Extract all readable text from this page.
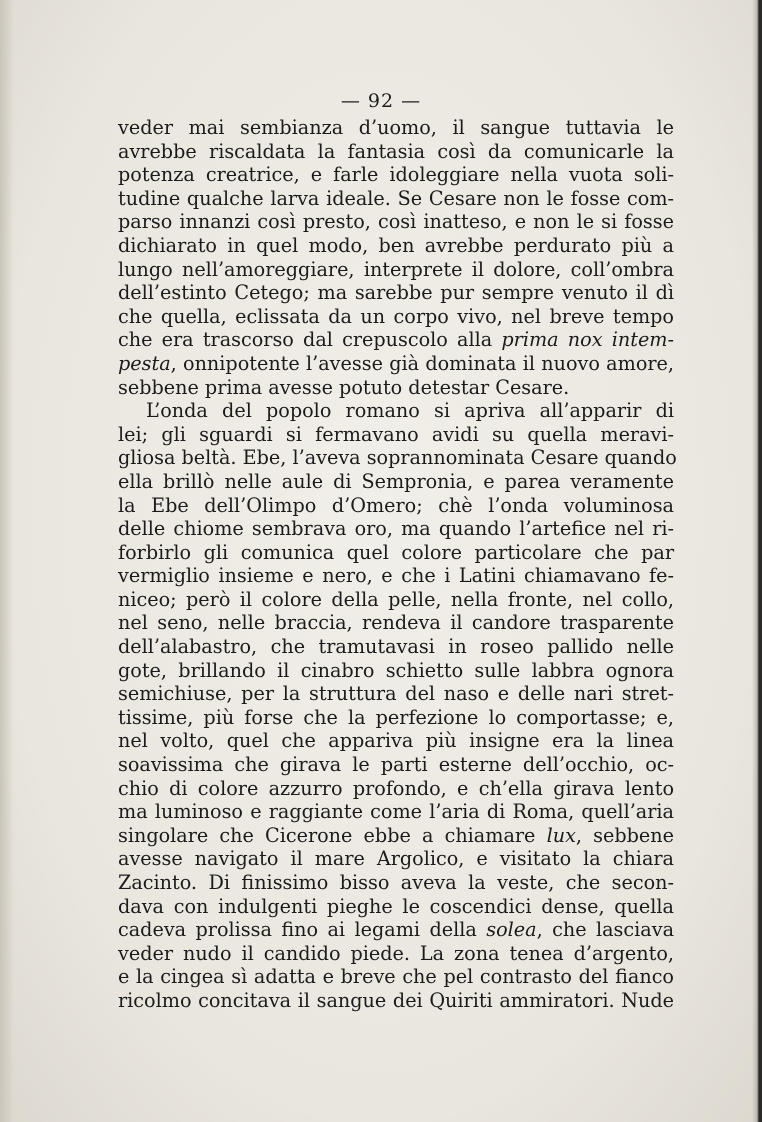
— 92 —
veder mai sembianza d’uomo, il sangue tuttavia le
avrebbe riscaldata la fantasia così da comunicarle la
potenza creatrice, e farle idoleggiare nella vuota soli-
tudine qualche larva ideale. Se Cesare non le fosse com-
parso innanzi così presto, così inatteso, e non le si fosse
dichiarato in quel modo, ben avrebbe perdurato più a
lungo nell’amoreggiare, interprete il dolore, coll’ombra
dell’estinto Cetego; ma sarebbe pur sempre venuto il dì
che quella, eclissata da un corpo vivo, nel breve tempo
che era trascorso dal crepuscolo alla prima nox intem-
pesta, onnipotente l’avesse già dominata il nuovo amore,
sebbene prima avesse potuto detestar Cesare.
L’onda del popolo romano si apriva all’apparir di
lei; gli sguardi si fermavano avidi su quella meravi-
gliosa beltà. Ebe, l’aveva soprannominata Cesare quando
ella brillò nelle aule di Sempronia, e parea veramente
la Ebe dell’Olimpo d’Omero; chè l’onda voluminosa
delle chiome sembrava oro, ma quando l’artefice nel ri-
forbirlo gli comunica quel colore particolare che par
vermiglio insieme e nero, e che i Latini chiamavano fe-
niceo; però il colore della pelle, nella fronte, nel collo,
nel seno, nelle braccia, rendeva il candore trasparente
dell’alabastro, che tramutavasi in roseo pallido nelle
gote, brillando il cinabro schietto sulle labbra ognora
semichiuse, per la struttura del naso e delle nari stret-
tissime, più forse che la perfezione lo comportasse; e,
nel volto, quel che appariva più insigne era la linea
soavissima che girava le parti esterne dell’occhio, oc-
chio di colore azzurro profondo, e ch’ella girava lento
ma luminoso e raggiante come l’aria di Roma, quell’aria
singolare che Cicerone ebbe a chiamare lux, sebbene
avesse navigato il mare Argolico, e visitato la chiara
Zacinto. Di finissimo bisso aveva la veste, che secon-
dava con indulgenti pieghe le coscendici dense, quella
cadeva prolissa fino ai legami della solea, che lasciava
veder nudo il candido piede. La zona tenea d’argento,
e la cingea sì adatta e breve che pel contrasto del fianco
ricolmo concitava il sangue dei Quiriti ammiratori. Nude
